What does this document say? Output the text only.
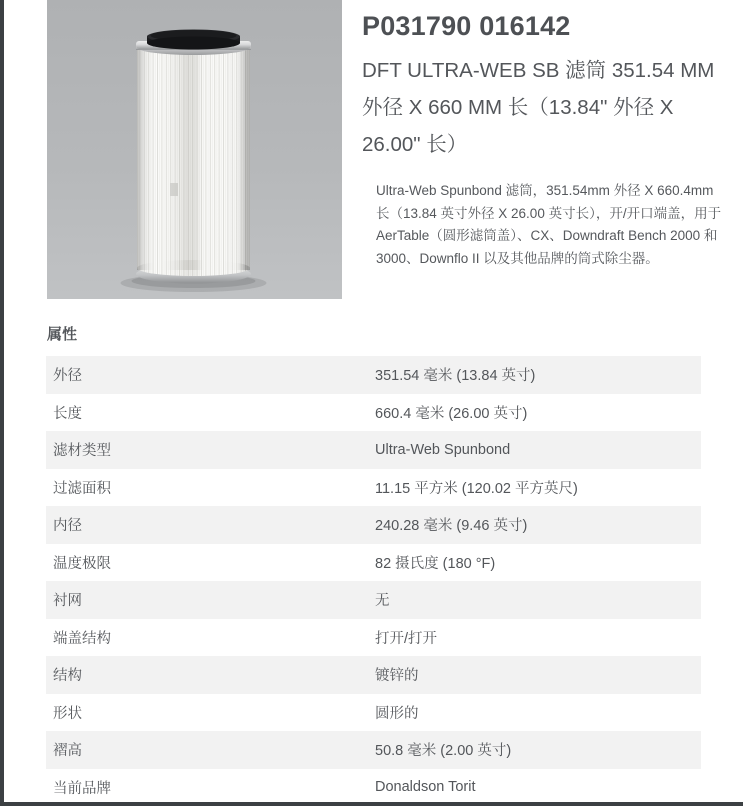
P031790 016142
DFT ULTRA-WEB SB 滤筒 351.54 MM 外径 X 660 MM 长（13.84" 外径 X 26.00" 长）

Ultra-Web Spunbond 滤筒，351.54mm 外径 X 660.4mm 长（13.84 英寸外径 X 26.00 英寸长），开/开口端盖，用于 AerTable（圆形滤筒盖）、CX、Downdraft Bench 2000 和 3000、Downflo II 以及其他品牌的筒式除尘器。

属性
外径	351.54 毫米 (13.84 英寸)
长度	660.4 毫米 (26.00 英寸)
滤材类型	Ultra-Web Spunbond
过滤面积	11.15 平方米 (120.02 平方英尺)
内径	240.28 毫米 (9.46 英寸)
温度极限	82 摄氏度 (180 °F)
衬网	无
端盖结构	打开/打开
结构	镀锌的
形状	圆形的
褶高	50.8 毫米 (2.00 英寸)
当前品牌	Donaldson Torit
